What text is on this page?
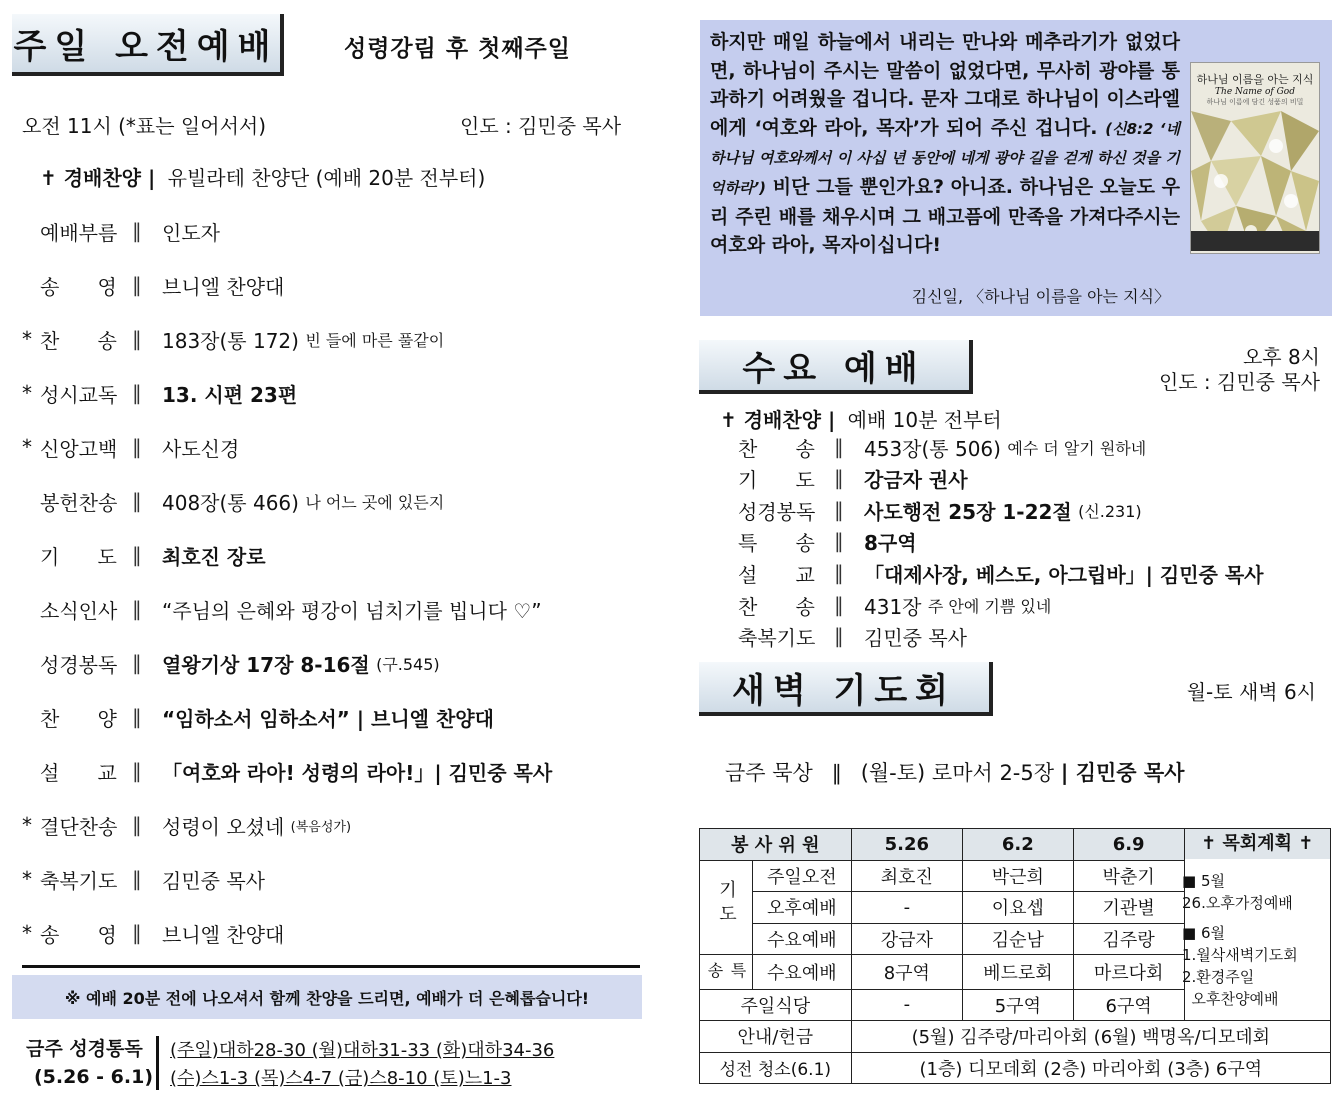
주일 오전예배	성령강림 후 첫째주일
오전 11시 (*표는 일어서서)	인도 : 김민중 목사
✝ 경배찬양 | 유빌라테 찬양단 (예배 20분 전부터)
예배부름 ∥	인도자
송      영 ∥	브니엘 찬양대
* 찬      송 ∥	183장(통 172)
빈 들에 마른 풀같이
* 성시교독 ∥	13. 시편 23편
* 신앙고백 ∥	사도신경
봉헌찬송 ∥	408장(통 466)
나 어느 곳에 있든지
기      도 ∥	최호진 장로
소식인사 ∥	“주님의 은혜와 평강이 넘치기를 빕니다 ♡”
성경봉독 ∥	열왕기상 17장 8-16절
(구.545)
찬      양 ∥	“임하소서 임하소서” | 브니엘 찬양대
설      교 ∥	「여호와 라아! 성령의 라아!」| 김민중 목사
* 결단찬송 ∥	성령이 오셨네
(복음성가)
* 축복기도 ∥	김민중 목사
* 송      영 ∥	브니엘 찬양대
※ 예배 20분 전에 나오셔서 함께 찬양을 드리면, 예배가 더 은혜롭습니다!
금주 성경통독
(5.26 - 6.1)
(주일)대하28-30 (월)대하31-33 (화)대하34-36
(수)스1-3 (목)스4-7 (금)스8-10 (토)느1-3

하지만 매일 하늘에서 내리는 만나와 메추라기가 없었다면, 하나님이 주시는 말씀이 없었다면, 무사히 광야를 통과하기 어려웠을 겁니다. 문자 그대로 하나님이 이스라엘에게 ‘여호와 라아, 목자’가 되어 주신 겁니다. (신8:2 ‘네 하나님 여호와께서 이 사십 년 동안에 네게 광야 길을 걷게 하신 것을 기억하라’) 비단 그들 뿐인가요? 아니죠. 하나님은 오늘도 우리 주린 배를 채우시며 그 배고픔에 만족을 가져다주시는 여호와 라아, 목자이십니다!

김신일, 〈하나님 이름을 아는 지식〉
하나님 이름을 아는 지식
The Name of God
하나님 이름에 담긴 성품의 비밀
수요 예배	오후 8시
인도 : 김민중 목사
✝ 경배찬양 | 예배 10분 전부터
찬      송 ∥	453장(통 506)
예수 더 알기 원하네
기      도 ∥	강금자 권사
성경봉독 ∥	사도행전 25장 1-22절
(신.231)
특      송 ∥	8구역
설      교 ∥	「대제사장, 베스도, 아그립바」| 김민중 목사
찬      송 ∥	431장
주 안에 기쁨 있네
축복기도 ∥	김민중 목사
새벽 기도회	월-토 새벽 6시
금주 묵상 ∥ (월-토) 로마서 2-5장 | 김민중 목사
봉 사 위 원		5.26	6.2	6.9	✝ 목회계획 ✝

기도	주일오전	최호진	박근희	박춘기	
	오후예배	-	이요셉	기관별	
	수요예배	강금자	김순남	김주랑	
특송	수요예배	8구역	베드로회	마르다회	
주일식당		-	5구역	6구역	
안내/헌금		(5월) 김주랑/마리아회 (6월) 백명옥/디모데회			
성전 청소(6.1)		(1층) 디모데회 (2층) 마리아회 (3층) 6구역			
■ 5월
26.오후가정예배
■ 6월
1.월삭새벽기도회
2.환경주일
오후찬양예배
